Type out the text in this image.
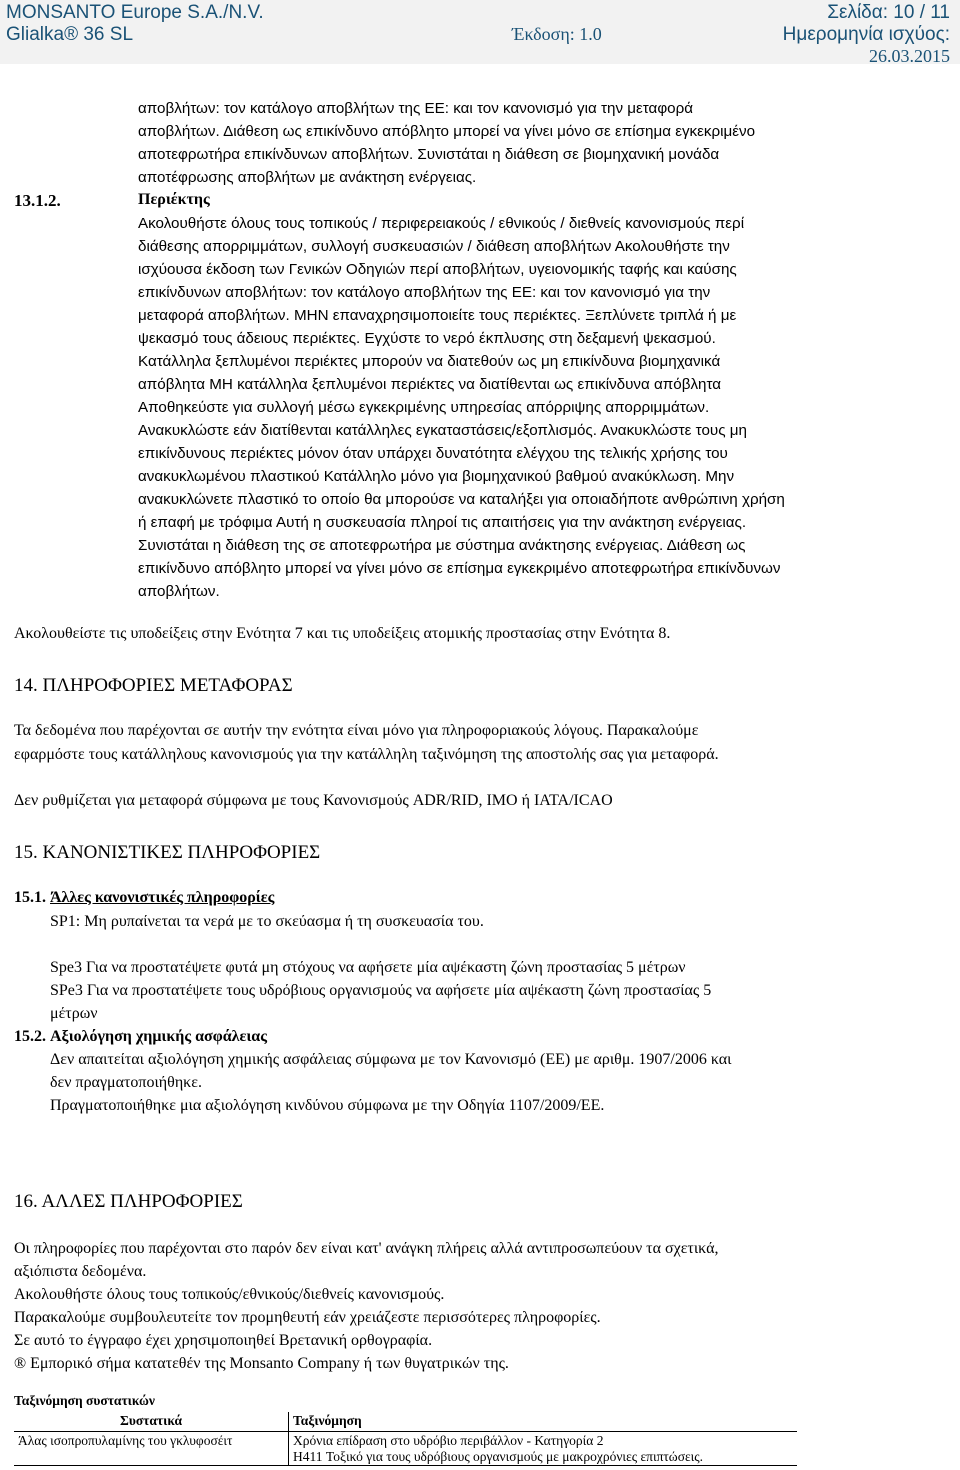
MONSANTO Europe S.A./N.V.	Σελίδα: 10 / 11
Glialka® 36 SL	Έκδοση: 1.0	Ημερομηνία ισχύος:
26.03.2015
αποβλήτων: τον κατάλογο αποβλήτων της ΕΕ: και τον κανονισμό για την μεταφορά
αποβλήτων. Διάθεση ως επικίνδυνο απόβλητο μπορεί να γίνει μόνο σε επίσημα εγκεκριμένο
αποτεφρωτήρα επικίνδυνων αποβλήτων. Συνιστάται η διάθεση σε βιομηχανική μονάδα
αποτέφρωσης αποβλήτων με ανάκτηση ενέργειας.
13.1.2.	Περιέκτης
Ακολουθήστε όλους τους τοπικούς / περιφερειακούς / εθνικούς / διεθνείς κανονισμούς περί
διάθεσης απορριμμάτων, συλλογή συσκευασιών / διάθεση αποβλήτων Ακολουθήστε την
ισχύουσα έκδοση των Γενικών Οδηγιών περί αποβλήτων, υγειονομικής ταφής και καύσης
επικίνδυνων αποβλήτων: τον κατάλογο αποβλήτων της ΕΕ: και τον κανονισμό για την
μεταφορά αποβλήτων. ΜΗΝ επαναχρησιμοποιείτε τους περιέκτες. Ξεπλύνετε τριπλά ή με
ψεκασμό τους άδειους περιέκτες. Εγχύστε το νερό έκπλυσης στη δεξαμενή ψεκασμού.
Κατάλληλα ξεπλυμένοι περιέκτες μπορούν να διατεθούν ως μη επικίνδυνα βιομηχανικά
απόβλητα ΜΗ κατάλληλα ξεπλυμένοι περιέκτες να διατίθενται ως επικίνδυνα απόβλητα
Αποθηκεύστε για συλλογή μέσω εγκεκριμένης υπηρεσίας απόρριψης απορριμμάτων.
Ανακυκλώστε εάν διατίθενται κατάλληλες εγκαταστάσεις/εξοπλισμός. Ανακυκλώστε τους μη
επικίνδυνους περιέκτες μόνον όταν υπάρχει δυνατότητα ελέγχου της τελικής χρήσης του
ανακυκλωμένου πλαστικού Κατάλληλο μόνο για βιομηχανικού βαθμού ανακύκλωση. Μην
ανακυκλώνετε πλαστικό το οποίο θα μπορούσε να καταλήξει για οποιαδήποτε ανθρώπινη χρήση
ή επαφή με τρόφιμα Αυτή η συσκευασία πληροί τις απαιτήσεις για την ανάκτηση ενέργειας.
Συνιστάται η διάθεση της σε αποτεφρωτήρα με σύστημα ανάκτησης ενέργειας. Διάθεση ως
επικίνδυνο απόβλητο μπορεί να γίνει μόνο σε επίσημα εγκεκριμένο αποτεφρωτήρα επικίνδυνων
αποβλήτων.
Ακολουθείστε τις υποδείξεις στην Ενότητα 7 και τις υποδείξεις ατομικής προστασίας στην Ενότητα 8.
14. ΠΛΗΡΟΦΟΡΙΕΣ ΜΕΤΑΦΟΡΑΣ
Τα δεδομένα που παρέχονται σε αυτήν την ενότητα είναι μόνο για πληροφοριακούς λόγους. Παρακαλούμε
εφαρμόστε τους κατάλληλους κανονισμούς για την κατάλληλη ταξινόμηση της αποστολής σας για μεταφορά.
Δεν ρυθμίζεται για μεταφορά σύμφωνα με τους Κανονισμούς ADR/RID, IMO ή IATA/ICAO
15. ΚΑΝΟΝΙΣΤΙΚΕΣ ΠΛΗΡΟΦΟΡΙΕΣ
15.1. Άλλες κανονιστικές πληροφορίες
SP1: Μη ρυπαίνεται τα νερά με το σκεύασμα ή τη συσκευασία του.
Spe3 Για να προστατέψετε φυτά μη στόχους να αφήσετε μία αψέκαστη ζώνη προστασίας 5 μέτρων
SPe3 Για να προστατέψετε τους υδρόβιους οργανισμούς να αφήσετε μία αψέκαστη ζώνη προστασίας 5
μέτρων
15.2. Αξιολόγηση χημικής ασφάλειας
Δεν απαιτείται αξιολόγηση χημικής ασφάλειας σύμφωνα με τον Κανονισμό (ΕΕ) με αριθμ. 1907/2006 και
δεν πραγματοποιήθηκε.
Πραγματοποιήθηκε μια αξιολόγηση κινδύνου σύμφωνα με την Οδηγία 1107/2009/ΕΕ.
16. ΑΛΛΕΣ ΠΛΗΡΟΦΟΡΙΕΣ
Οι πληροφορίες που παρέχονται στο παρόν δεν είναι κατ' ανάγκη πλήρεις αλλά αντιπροσωπεύουν τα σχετικά,
αξιόπιστα δεδομένα.
Ακολουθήστε όλους τους τοπικούς/εθνικούς/διεθνείς κανονισμούς.
Παρακαλούμε συμβουλευτείτε τον προμηθευτή εάν χρειάζεστε περισσότερες πληροφορίες.
Σε αυτό το έγγραφο έχει χρησιμοποιηθεί Βρετανική ορθογραφία.
® Εμπορικό σήμα κατατεθέν της Monsanto Company ή των θυγατρικών της.
Ταξινόμηση συστατικών
Συστατικά	Ταξινόμηση
Άλας ισοπροπυλαμίνης του γκλυφοσέιτ	Χρόνια επίδραση στο υδρόβιο περιβάλλον - Κατηγορία 2
H411 Τοξικό για τους υδρόβιους οργανισμούς με μακροχρόνιες επιπτώσεις.
